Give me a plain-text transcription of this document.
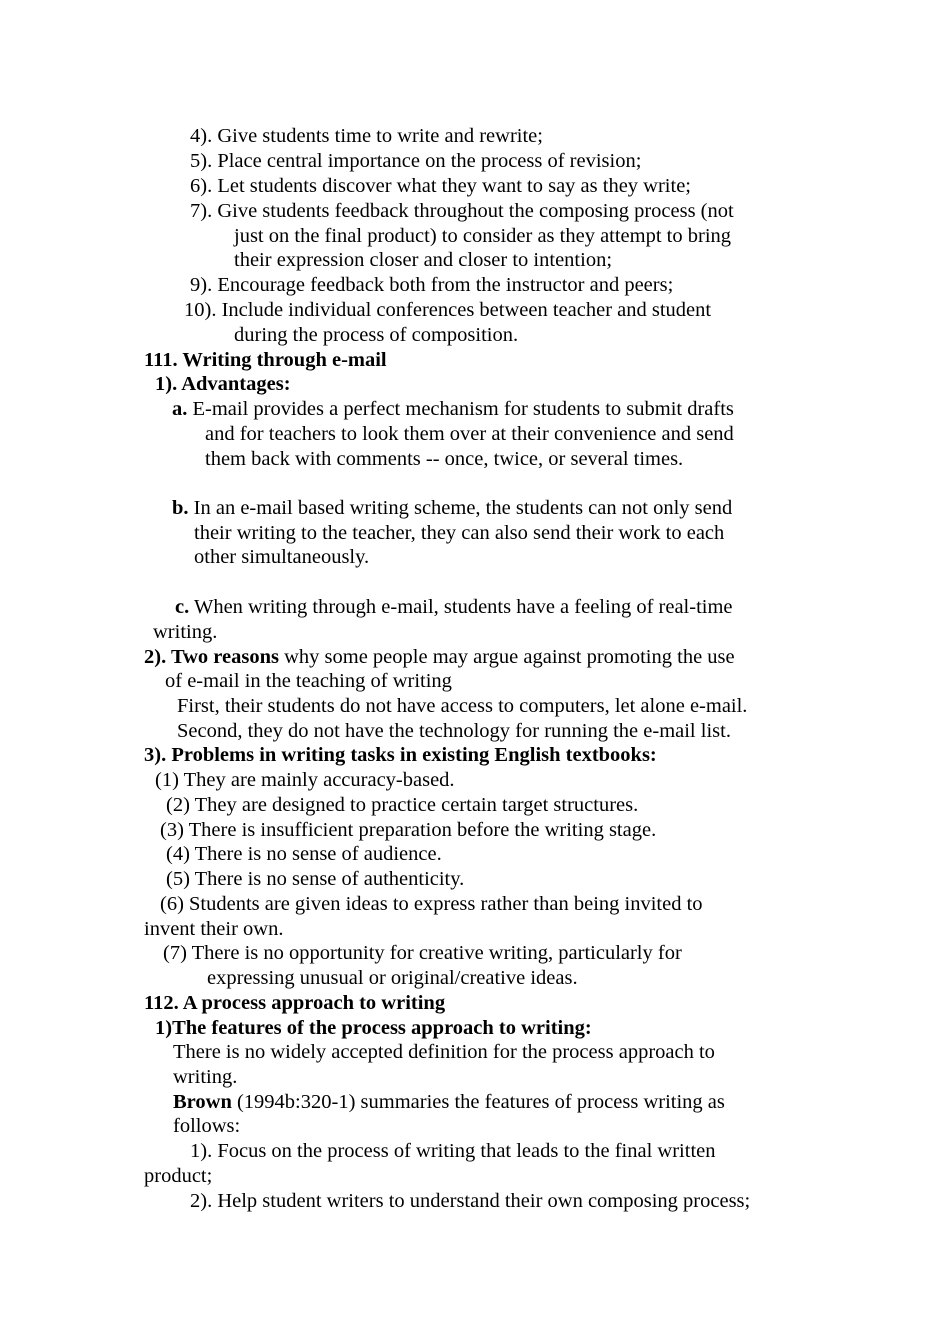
4). Give students time to write and rewrite;
5). Place central importance on the process of revision;
6). Let students discover what they want to say as they write;
7). Give students feedback throughout the composing process (not
just on the final product) to consider as they attempt to bring
their expression closer and closer to intention;
9). Encourage feedback both from the instructor and peers;
10). Include individual conferences between teacher and student
during the process of composition.
111. Writing through e-mail
1). Advantages:
a. E-mail provides a perfect mechanism for students to submit drafts
and for teachers to look them over at their convenience and send
them back with comments -- once, twice, or several times.
b. In an e-mail based writing scheme, the students can not only send
their writing to the teacher, they can also send their work to each
other simultaneously.
c. When writing through e-mail, students have a feeling of real-time
writing.
2). Two reasons why some people may argue against promoting the use
of e-mail in the teaching of writing
First, their students do not have access to computers, let alone e-mail.
Second, they do not have the technology for running the e-mail list.
3). Problems in writing tasks in existing English textbooks:
(1) They are mainly accuracy-based.
(2) They are designed to practice certain target structures.
(3) There is insufficient preparation before the writing stage.
(4) There is no sense of audience.
(5) There is no sense of authenticity.
(6) Students are given ideas to express rather than being invited to
invent their own.
(7) There is no opportunity for creative writing, particularly for
expressing unusual or original/creative ideas.
112. A process approach to writing
1)The features of the process approach to writing:
There is no widely accepted definition for the process approach to
writing.
Brown (1994b:320-1) summaries the features of process writing as
follows:
1). Focus on the process of writing that leads to the final written
product;
2). Help student writers to understand their own composing process;
